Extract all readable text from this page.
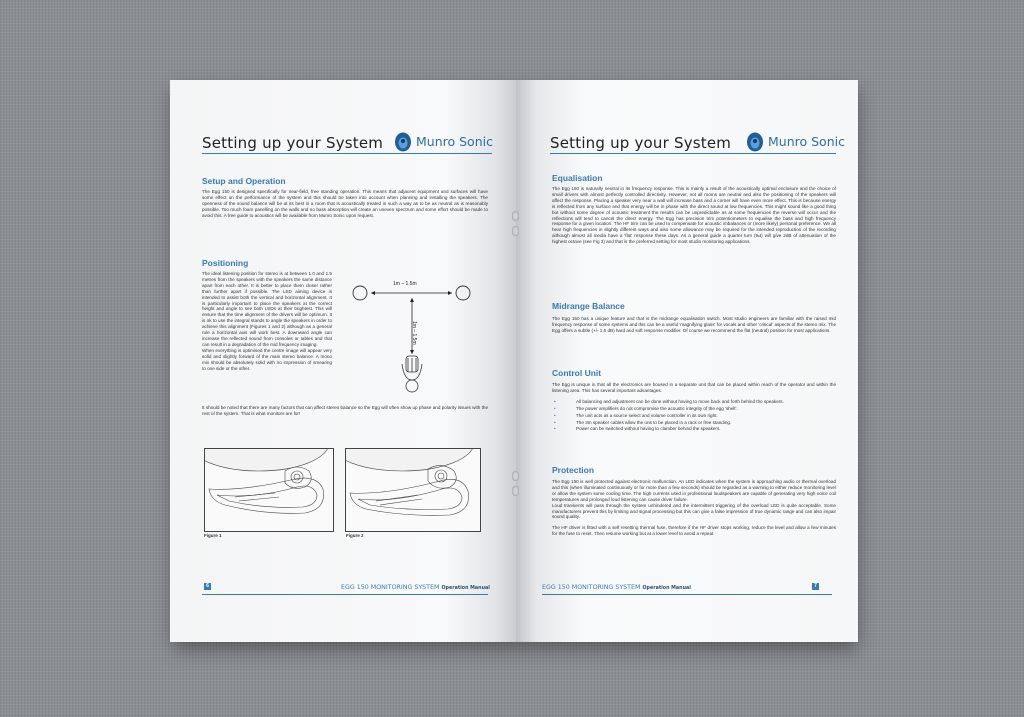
Setting up your System	Munro Sonic
Setup and Operation

The Egg 150 is designed specifically for near-field, free standing operation. This means that adjacent equipment and surfaces will have some effect on the performance of the system and this should be taken into account when planning and installing the speakers. The openness of the sound balance will be at its best in a room that is acoustically treated in such a way as to be as neutral as is reasonably possible. Too much foam panelling on the walls and no bass absorption will create an uneven spectrum and some effort should be made to avoid this. A free guide to acoustics will be available from Munro Sonic upon request.

Positioning

The ideal listening position for stereo is at between 1.0 and 1.5 metres from the speakers with the speakers the same distance apart from each other. It is better to place them closer rather than further apart if possible. The LED aiming device is intended to assist both the vertical and horizontal alignment. It is particularly important to place the speakers at the correct height and angle to see both LEDs at their brightest. This will ensure that the time alignment of the drivers will be optimum. It is ok to use the integral stands to angle the speakers in order to achieve this alignment (Figures 1 and 2) although as a general rule a horizontal axis will work best. A downward angle can increase the reflected sound from consoles or tables and that can result in a degradation of the mid frequency imaging.

When everything is optimised the centre image will appear very solid and slightly forward of the main stereo balance. A mono mix should be absolutely solid with no impression of smearing to one side or the other.

It should be noted that there are many factors that can affect stereo balance so the Egg will often show up phase and polarity issues with the rest of the system. That is what monitors are for!

1m – 1.5m
1m – 1.5m
Figure 1	Figure 2
6	EGG 150 MONITORING SYSTEM Operation Manual
Setting up your System	Munro Sonic
Equalisation

The Egg 150 is naturally neutral in its frequency response. This is mainly a result of the acoustically optimal enclosure and the choice of small drivers with almost perfectly controlled directivity. However, not all rooms are neutral and also the positioning of the speakers will affect the response. Placing a speaker very near a wall will increase bass and a corner will have even more effect. This is because energy is reflected from any surface and that energy will be in phase with the direct sound at low frequencies. This might sound like a good thing but without some degree of acoustic treatment the results can be unpredictable as at some frequencies the reverse will occur and the reflections will tend to cancel the direct energy. The Egg has precision trim potentiometers to equalise the bass and high frequency response for a given location. The HF trim can be used to compensate for acoustic imbalances or (more likely) personal preference. We all hear high frequencies in slightly different ways and also some allowance may be required for the intended reproduction of the recording although almost all media have a 'flat' response these days. As a general guide a quarter turn (9Ԁ) will give 2dB of attenuation of the highest octave (see Fig 3) and that is the preferred setting for most studio monitoring applications.

Midrange Balance

The Egg 150 has a unique feature and that is the midrange equalisation switch. Most studio engineers are familiar with the raised mid frequency response of some systems and this can be a useful 'magnifying glass' for vocals and other 'critical' aspects of the stereo mix. The Egg offers a subtle (+/- 1.5 dB) hard and soft response modifier. Of course we recommend the flat (neutral) position for most applications.

Control Unit

The Egg is unique in that all the electronics are housed in a separate unit that can be placed within reach of the operator and within the listening area. This has several important advantages.

• All balancing and adjustment can be done without having to move back and forth behind the speakers.
• The power amplifiers do not compromise the acoustic integrity of the egg 'shell'.
• The unit acts as a source select and volume controller in its own right.
• The 3m speaker cables allow the unit to be placed in a rack or free standing.
• Power can be switched without having to clamber behind the speakers.
Protection

The Egg 150 is well protected against electronic malfunction. An LED indicates when the system is approaching audio or thermal overload and this (when illuminated continuously or for more than a few seconds) should be regarded as a warning to either reduce monitoring level or allow the system some cooling time. The high currents used in professional loudspeakers are capable of generating very high voice coil temperatures and prolonged loud listening can cause driver failure.

Loud transients will pass through the system unhindered and the intermittent triggering of the overload LED is quite acceptable. Some manufacturers prevent this by limiting and signal processing but this can give a false impression of true dynamic range and can also impair sound quality.

The HF driver is fitted with a self resetting thermal fuse, therefore if the HF driver stops working, reduce the level and allow a few minutes for the fuse to reset. Then resume working but at a lower level to avoid a repeat.

EGG 150 MONITORING SYSTEM Operation Manual	7
